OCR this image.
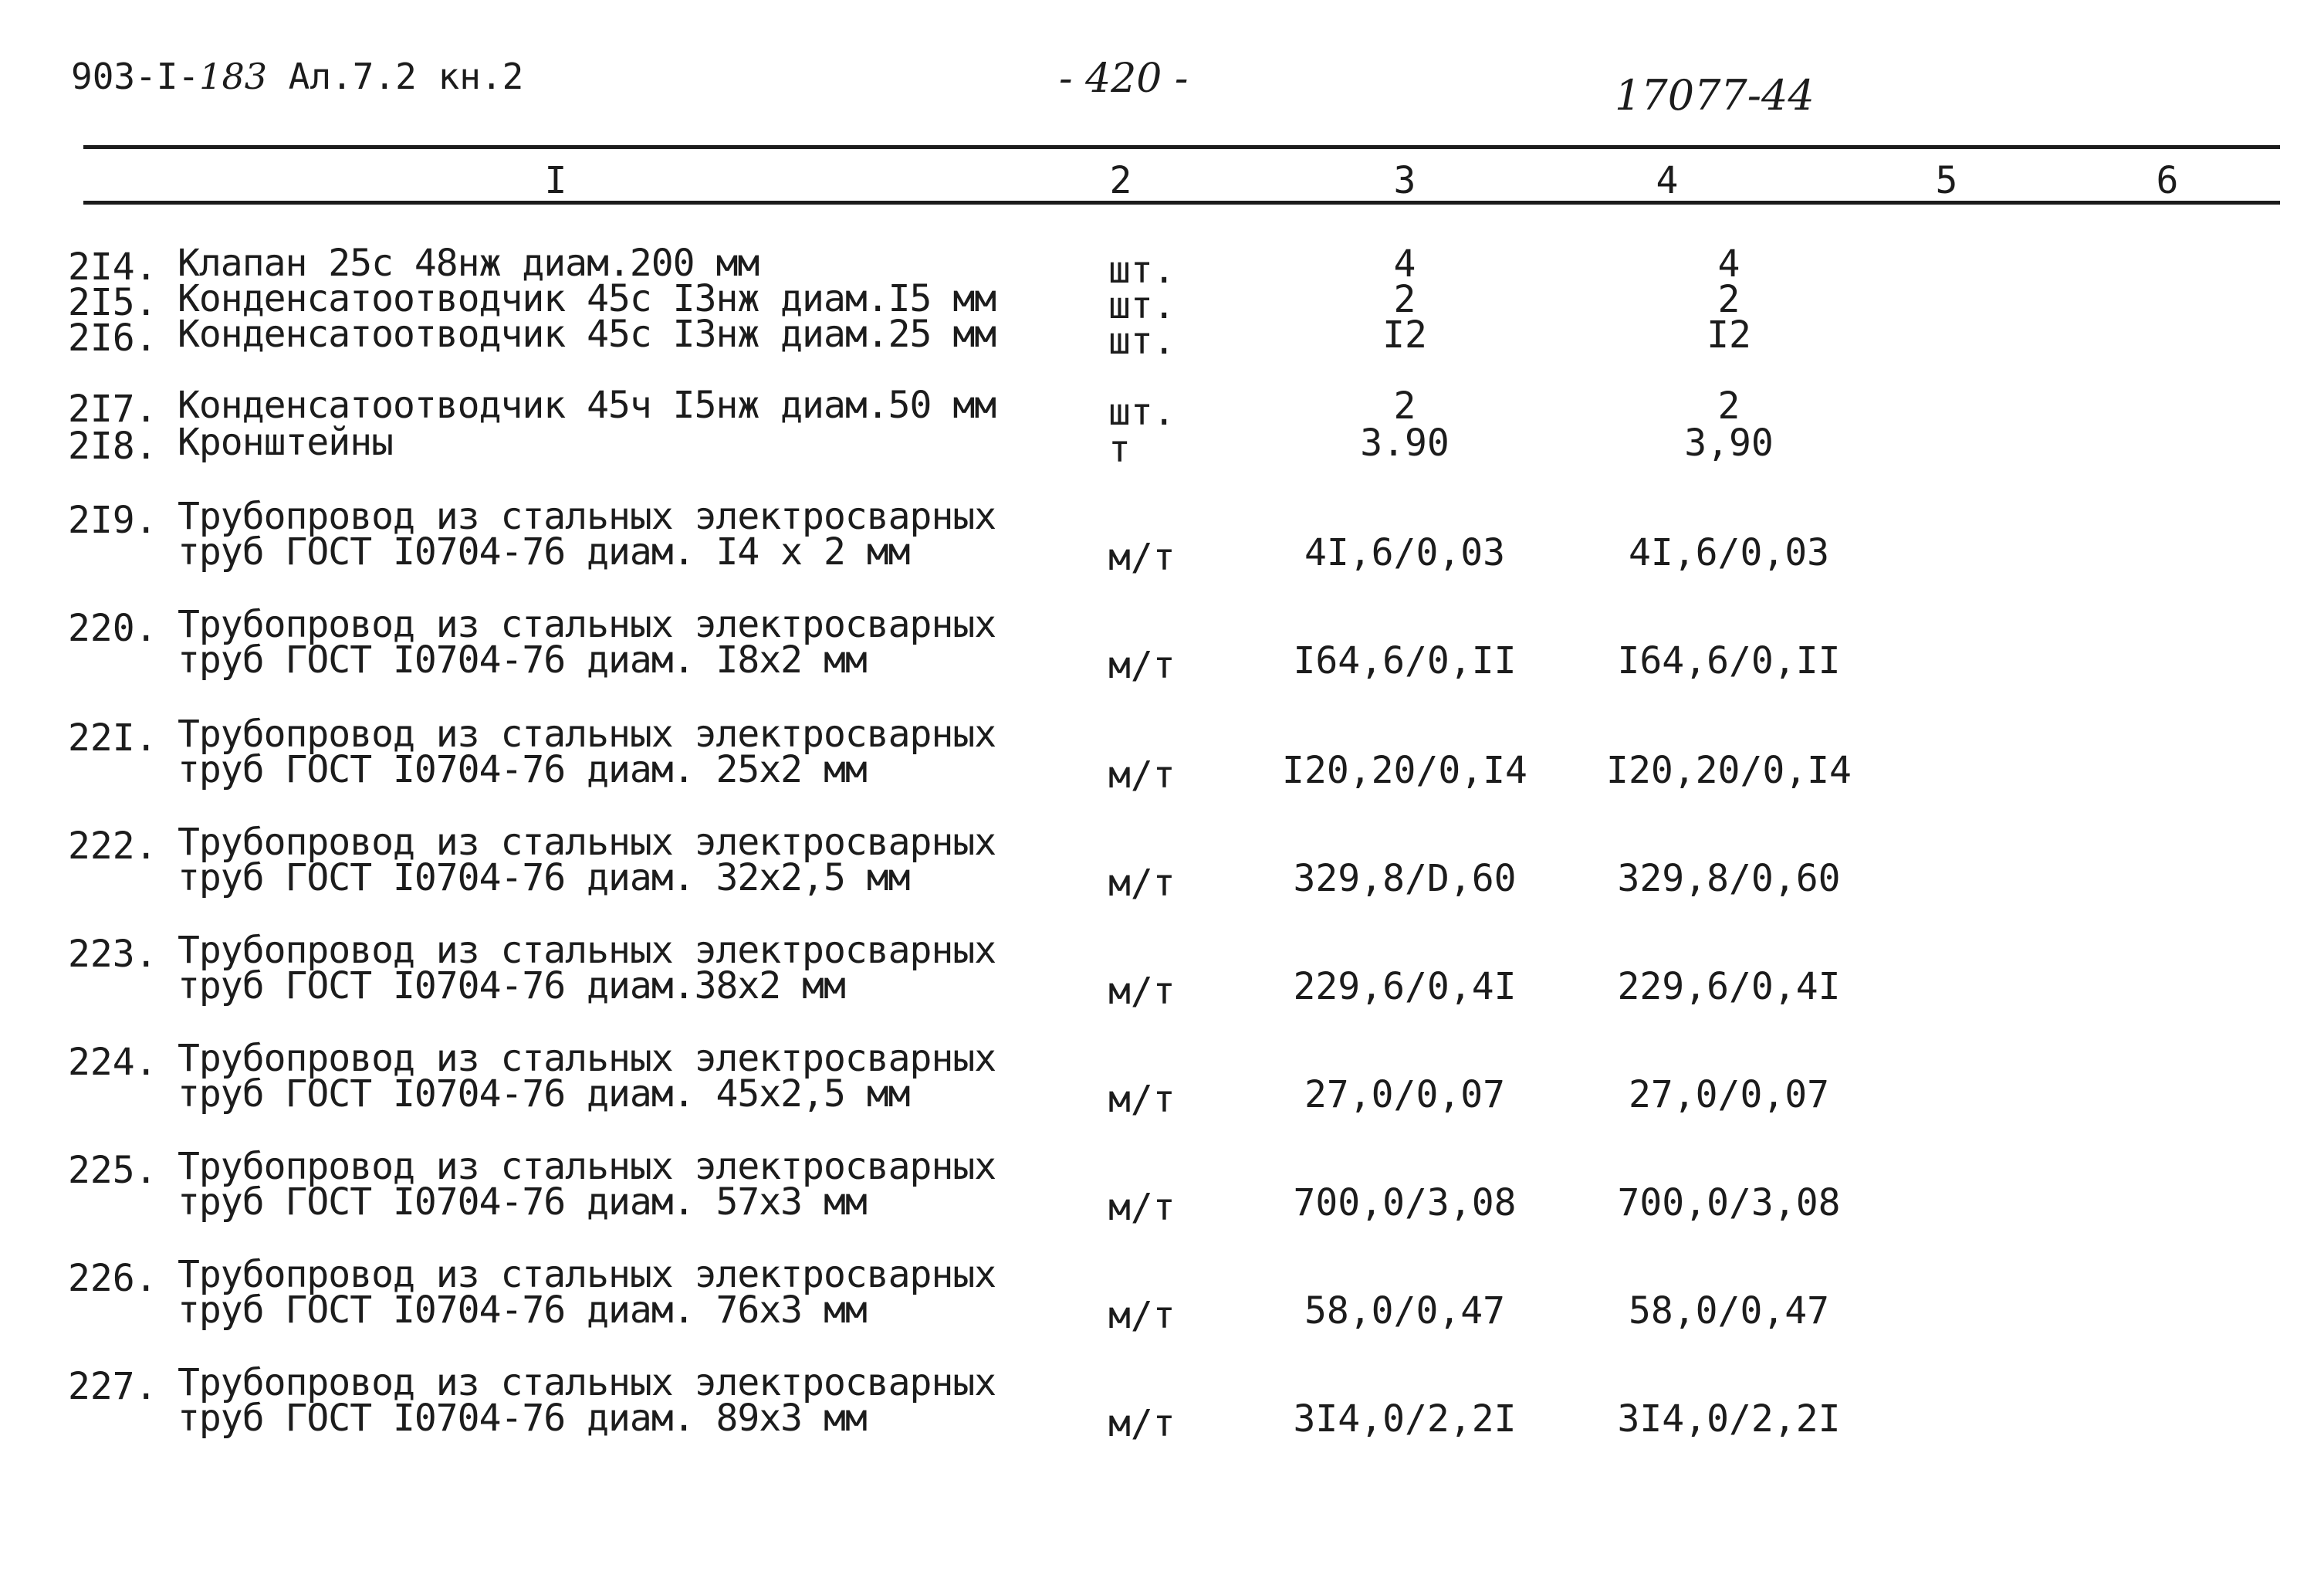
903-I-183 Ал.7.2 кн.2	- 420 -	17077-44
I	2	3	4	5	6
2I4. Клапан 25с 48нж диам.200 мм	шт.	4	4
2I5. Конденсатоотводчик 45с I3нж диам.I5 мм	шт.	2	2
2I6. Конденсатоотводчик 45с I3нж диам.25 мм	шт.	I2	I2
2I7. Конденсатоотводчик 45ч I5нж диам.50 мм	шт.	2	2
2I8. Кронштейны	т	3.90	3,90
2I9. Трубопровод из стальных электросварных
труб ГОСТ I0704-76 диам. I4 х 2 мм	м/т	4I,6/0,03	4I,6/0,03
220. Трубопровод из стальных электросварных
труб ГОСТ I0704-76 диам. I8х2 мм	м/т	I64,6/0,II	I64,6/0,II
22I. Трубопровод из стальных электросварных
труб ГОСТ I0704-76 диам. 25х2 мм	м/т	I20,20/0,I4 I20,20/0,I4
222. Трубопровод из стальных электросварных
труб ГОСТ I0704-76 диам. 32х2,5 мм	м/т	329,8/D,60	329,8/0,60
223. Трубопровод из стальных электросварных
труб ГОСТ I0704-76 диам.38х2 мм	м/т	229,6/0,4I	229,6/0,4I
224. Трубопровод из стальных электросварных
труб ГОСТ I0704-76 диам. 45х2,5 мм	м/т	27,0/0,07	27,0/0,07
225. Трубопровод из стальных электросварных
труб ГОСТ I0704-76 диам. 57х3 мм	м/т	700,0/3,08	700,0/3,08
226. Трубопровод из стальных электросварных
труб ГОСТ I0704-76 диам. 76х3 мм	м/т	58,0/0,47	58,0/0,47
227. Трубопровод из стальных электросварных
труб ГОСТ I0704-76 диам. 89х3 мм	м/т	3I4,0/2,2I	3I4,0/2,2I
